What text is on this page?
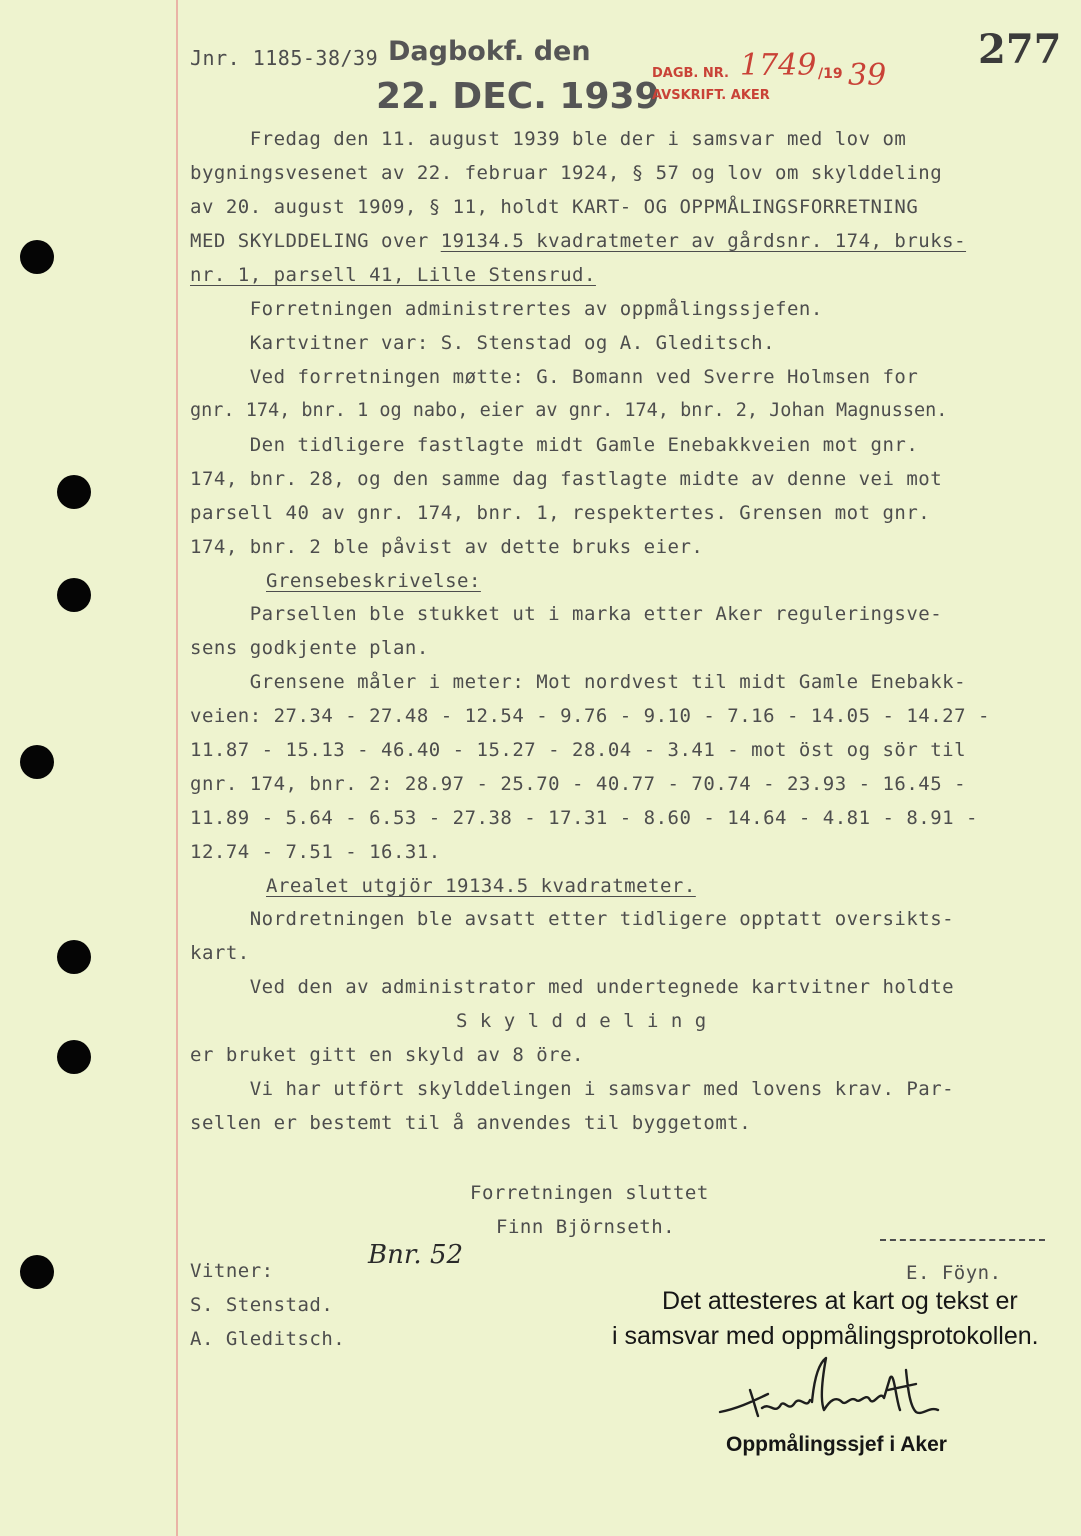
Jnr. 1185-38/39 Dagbokf. den
22. DEC. 1939
DAGB. NR.
AVSKRIFT. AKER
1749 /19 39
277
Fredag den 11. august 1939 ble der i samsvar med lov om
bygningsvesenet av 22. februar 1924, § 57 og lov om skylddeling
av 20. august 1909, § 11, holdt KART- OG OPPMÅLINGSFORRETNING
MED SKYLDDELING over 19134.5 kvadratmeter av gårdsnr. 174, bruks-
nr. 1, parsell 41, Lille Stensrud.
Forretningen administrertes av oppmålingssjefen.
Kartvitner var: S. Stenstad og A. Gleditsch.
Ved forretningen møtte: G. Bomann ved Sverre Holmsen for
gnr. 174, bnr. 1 og nabo, eier av gnr. 174, bnr. 2, Johan Magnussen.
Den tidligere fastlagte midt Gamle Enebakkveien mot gnr.
174, bnr. 28, og den samme dag fastlagte midte av denne vei mot
parsell 40 av gnr. 174, bnr. 1, respektertes. Grensen mot gnr.
174, bnr. 2 ble påvist av dette bruks eier.
Grensebeskrivelse:
Parsellen ble stukket ut i marka etter Aker reguleringsve-
sens godkjente plan.
Grensene måler i meter: Mot nordvest til midt Gamle Enebakk-
veien: 27.34 - 27.48 - 12.54 - 9.76 - 9.10 - 7.16 - 14.05 - 14.27 -
11.87 - 15.13 - 46.40 - 15.27 - 28.04 - 3.41 - mot öst og sör til
gnr. 174, bnr. 2: 28.97 - 25.70 - 40.77 - 70.74 - 23.93 - 16.45 -
11.89 - 5.64 - 6.53 - 27.38 - 17.31 - 8.60 - 14.64 - 4.81 - 8.91 -
12.74 - 7.51 - 16.31.
Arealet utgjör 19134.5 kvadratmeter.
Nordretningen ble avsatt etter tidligere opptatt oversikts-
kart.
Ved den av administrator med undertegnede kartvitner holdte
S k y l d d e l i n g
er bruket gitt en skyld av 8 öre.
Vi har utfört skylddelingen i samsvar med lovens krav. Par-
sellen er bestemt til å anvendes til byggetomt.
Forretningen sluttet
Finn Björnseth.
Bnr. 52
Vitner:
S. Stenstad.
A. Gleditsch.
E. Föyn.
Det attesteres at kart og tekst er
i samsvar med oppmålingsprotokollen.
Oppmålingssjef i Aker
